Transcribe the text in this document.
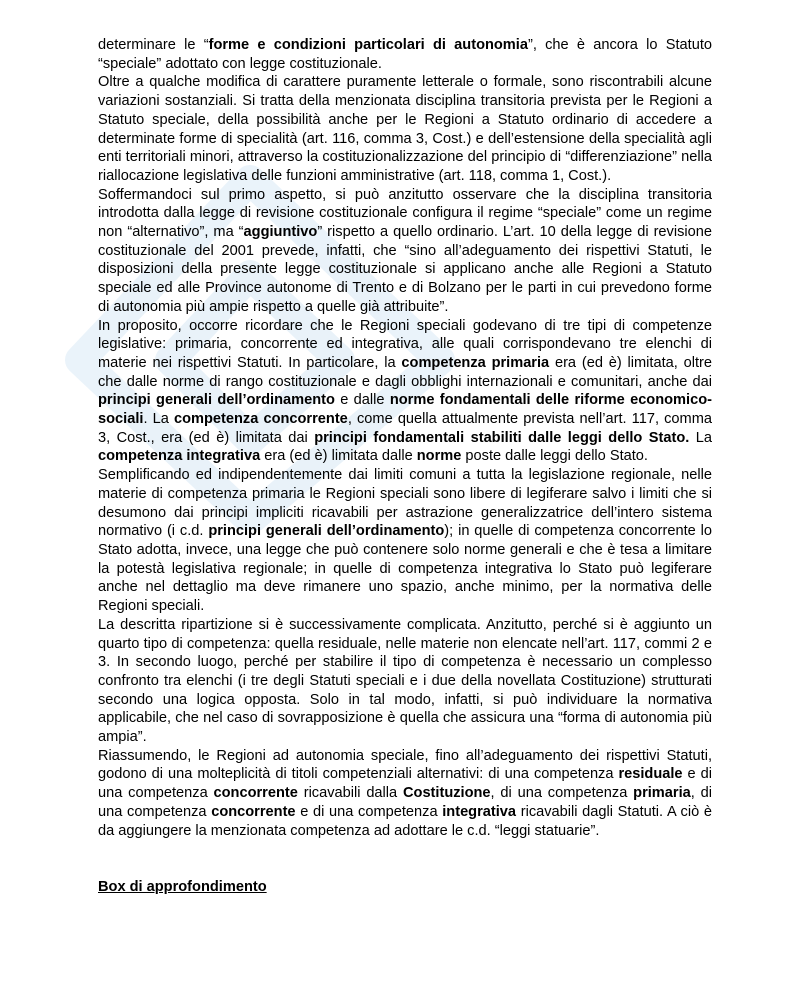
determinare le “forme e condizioni particolari di autonomia”, che è ancora lo Statuto “speciale” adottato con legge costituzionale.

Oltre a qualche modifica di carattere puramente letterale o formale, sono riscontrabili alcune variazioni sostanziali. Si tratta della menzionata disciplina transitoria prevista per le Regioni a Statuto speciale, della possibilità anche per le Regioni a Statuto ordinario di accedere a determinate forme di specialità (art. 116, comma 3, Cost.) e dell’estensione della specialità agli enti territoriali minori, attraverso la costituzionalizzazione del principio di “differenziazione” nella riallocazione legislativa delle funzioni amministrative (art. 118, comma 1, Cost.).

Soffermandoci sul primo aspetto, si può anzitutto osservare che la disciplina transitoria introdotta dalla legge di revisione costituzionale configura il regime “speciale” come un regime non “alternativo”, ma “aggiuntivo” rispetto a quello ordinario. L’art. 10 della legge di revisione costituzionale del 2001 prevede, infatti, che “sino all’adeguamento dei rispettivi Statuti, le disposizioni della presente legge costituzionale si applicano anche alle Regioni a Statuto speciale ed alle Province autonome di Trento e di Bolzano per le parti in cui prevedono forme di autonomia più ampie rispetto a quelle già attribuite”.

In proposito, occorre ricordare che le Regioni speciali godevano di tre tipi di competenze legislative: primaria, concorrente ed integrativa, alle quali corrispondevano tre elenchi di materie nei rispettivi Statuti. In particolare, la competenza primaria era (ed è) limitata, oltre che dalle norme di rango costituzionale e dagli obblighi internazionali e comunitari, anche dai principi generali dell’ordinamento e dalle norme fondamentali delle riforme economico-sociali. La competenza concorrente, come quella attualmente prevista nell’art. 117, comma 3, Cost., era (ed è) limitata dai principi fondamentali stabiliti dalle leggi dello Stato. La competenza integrativa era (ed è) limitata dalle norme poste dalle leggi dello Stato.

Semplificando ed indipendentemente dai limiti comuni a tutta la legislazione regionale, nelle materie di competenza primaria le Regioni speciali sono libere di legiferare salvo i limiti che si desumono dai principi impliciti ricavabili per astrazione generalizzatrice dell’intero sistema normativo (i c.d. principi generali dell’ordinamento); in quelle di competenza concorrente lo Stato adotta, invece, una legge che può contenere solo norme generali e che è tesa a limitare la potestà legislativa regionale; in quelle di competenza integrativa lo Stato può legiferare anche nel dettaglio ma deve rimanere uno spazio, anche minimo, per la normativa delle Regioni speciali.

La descritta ripartizione si è successivamente complicata. Anzitutto, perché si è aggiunto un quarto tipo di competenza: quella residuale, nelle materie non elencate nell’art. 117, commi 2 e 3. In secondo luogo, perché per stabilire il tipo di competenza è necessario un complesso confronto tra elenchi (i tre degli Statuti speciali e i due della novellata Costituzione) strutturati secondo una logica opposta. Solo in tal modo, infatti, si può individuare la normativa applicabile, che nel caso di sovrapposizione è quella che assicura una “forma di autonomia più ampia”.

Riassumendo, le Regioni ad autonomia speciale, fino all’adeguamento dei rispettivi Statuti, godono di una molteplicità di titoli competenziali alternativi: di una competenza residuale e di una competenza concorrente ricavabili dalla Costituzione, di una competenza primaria, di una competenza concorrente e di una competenza integrativa ricavabili dagli Statuti. A ciò è da aggiungere la menzionata competenza ad adottare le c.d. “leggi statuarie”.

Box di approfondimento
